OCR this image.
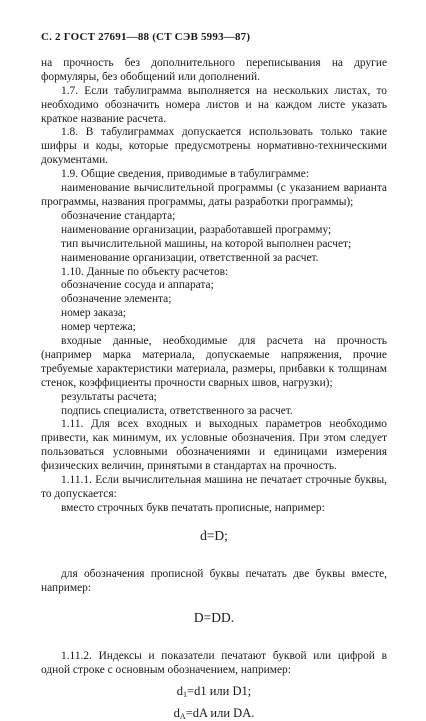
С. 2 ГОСТ 27691—88 (СТ СЭВ 5993—87)

на прочность без дополнительного переписывания на другие формуляры, без обобщений или дополнений.

1.7. Если табулиграмма выполняется на нескольких листах, то необходимо обозначить номера листов и на каждом листе указать краткое название расчета.

1.8. В табулиграммах допускается использовать только такие шифры и коды, которые предусмотрены нормативно-техническими документами.

1.9. Общие сведения, приводимые в табулиграмме:

наименование вычислительной программы (с указанием варианта программы, названия программы, даты разработки программы);

обозначение стандарта;

наименование организации, разработавшей программу;

тип вычислительной машины, на которой выполнен расчет;

наименование организации, ответственной за расчет.

1.10. Данные по объекту расчетов:

обозначение сосуда и аппарата;

обозначение элемента;

номер заказа;

номер чертежа;

входные данные, необходимые для расчета на прочность (например марка материала, допускаемые напряжения, прочие требуемые характеристики материала, размеры, прибавки к толщинам стенок, коэффициенты прочности сварных швов, нагрузки);

результаты расчета;

подпись специалиста, ответственного за расчет.

1.11. Для всех входных и выходных параметров необходимо привести, как минимум, их условные обозначения. При этом следует пользоваться условными обозначениями и единицами измерения физических величин, принятыми в стандартах на прочность.

1.11.1. Если вычислительная машина не печатает строчные буквы, то допускается:

вместо строчных букв печатать прописные, например:

d=D;

для обозначения прописной буквы печатать две буквы вместе, например:

D=DD.

1.11.2. Индексы и показатели печатают буквой или цифрой в одной строке с основным обозначением, например:

$d_1=d1$ или D1;

$d_A=dA$ или DA.
